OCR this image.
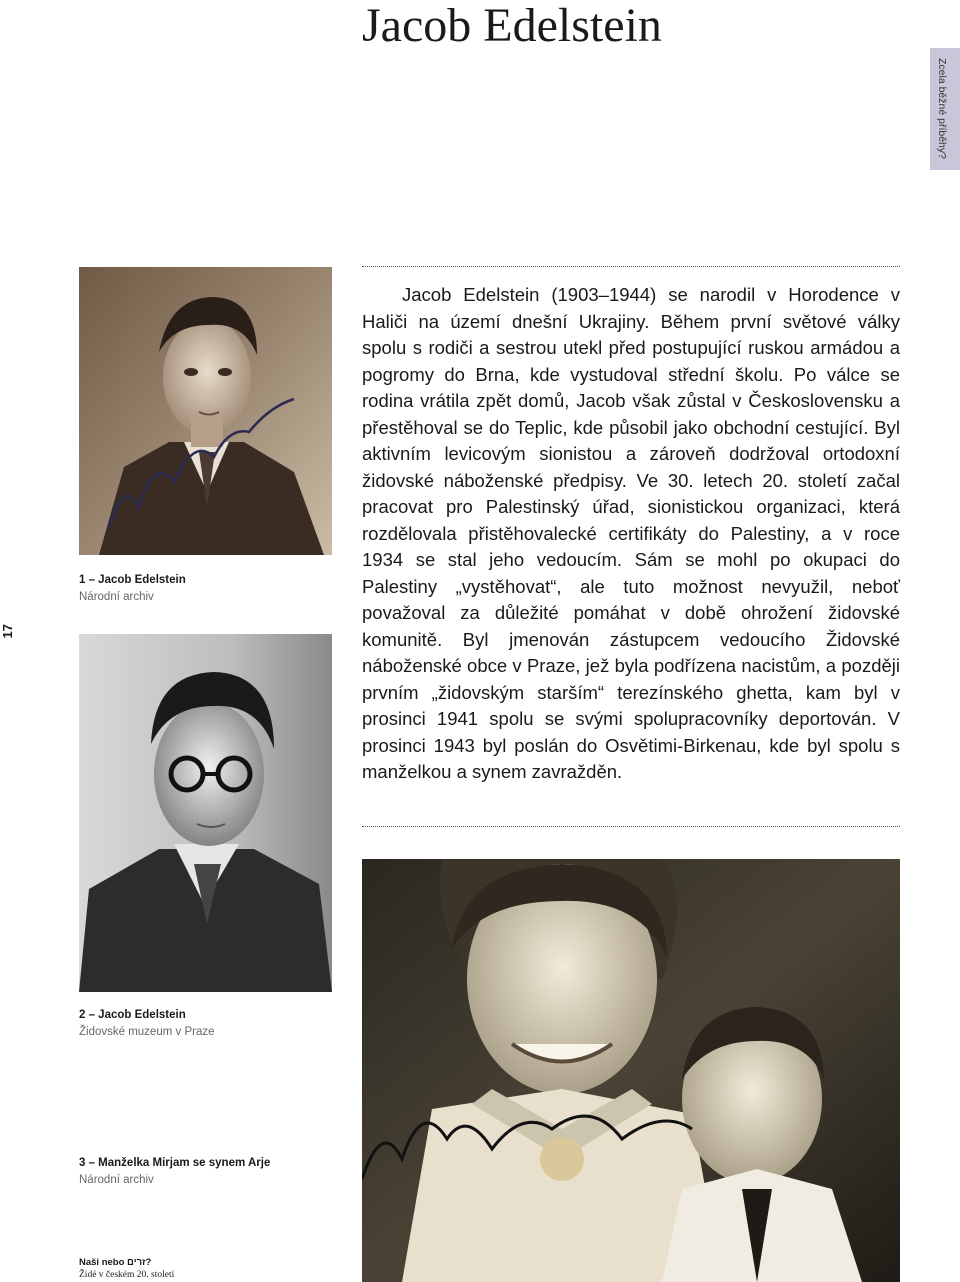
Jacob Edelstein
Zcela běžné příběhy?
17

Jacob Edelstein (1903–1944) se narodil v Horodence v Haliči na území dnešní Ukrajiny. Během první světové války spolu s rodiči a sestrou utekl před postupující ruskou armádou a pogromy do Brna, kde vystudoval střední školu. Po válce se rodina vrátila zpět domů, Jacob však zůstal v Československu a přestěhoval se do Teplic, kde působil jako obchodní cestující. Byl aktivním levicovým sionistou a zároveň dodržoval ortodoxní židovské náboženské předpisy. Ve 30. letech 20. století začal pracovat pro Palestinský úřad, sionistickou organizaci, která rozdělovala přistěhovalecké certifikáty do Palestiny, a v roce 1934 se stal jeho vedoucím. Sám se mohl po okupaci do Palestiny „vystěhovat“, ale tuto možnost nevyužil, neboť považoval za důležité pomáhat v době ohrožení židovské komunitě. Byl jmenován zástupcem vedoucího Židovské náboženské obce v Praze, jež byla podřízena nacistům, a později prvním „židovským starším“ terezínského ghetta, kam byl v prosinci 1941 spolu se svými spolupracovníky deportován. V prosinci 1943 byl poslán do Osvětimi-Birkenau, kde byl spolu s manželkou a synem zavražděn.

1 – Jacob Edelstein
Národní archiv
2 – Jacob Edelstein
Židovské muzeum v Praze
3 – Manželka Mirjam se synem Arje
Národní archiv
Naši nebo זרים?
Židé v českém 20. století
